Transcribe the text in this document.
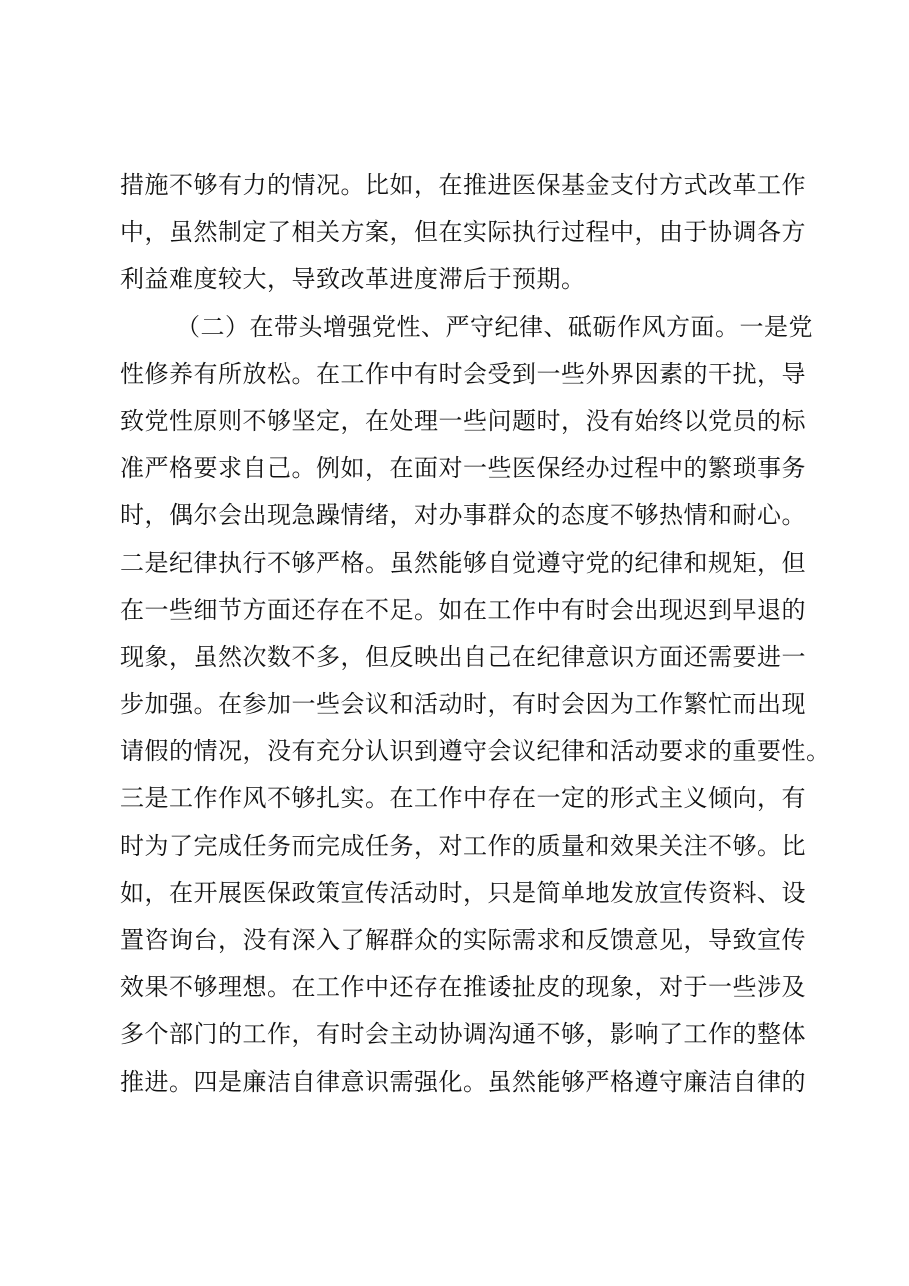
措施不够有力的情况。比如，在推进医保基金支付方式改革工作
中，虽然制定了相关方案，但在实际执行过程中，由于协调各方
利益难度较大，导致改革进度滞后于预期。
（二）在带头增强党性、严守纪律、砥砺作风方面。一是党
性修养有所放松。在工作中有时会受到一些外界因素的干扰，导
致党性原则不够坚定，在处理一些问题时，没有始终以党员的标
准严格要求自己。例如，在面对一些医保经办过程中的繁琐事务
时，偶尔会出现急躁情绪，对办事群众的态度不够热情和耐心。
二是纪律执行不够严格。虽然能够自觉遵守党的纪律和规矩，但
在一些细节方面还存在不足。如在工作中有时会出现迟到早退的
现象，虽然次数不多，但反映出自己在纪律意识方面还需要进一
步加强。在参加一些会议和活动时，有时会因为工作繁忙而出现
请假的情况，没有充分认识到遵守会议纪律和活动要求的重要性。
三是工作作风不够扎实。在工作中存在一定的形式主义倾向，有
时为了完成任务而完成任务，对工作的质量和效果关注不够。比
如，在开展医保政策宣传活动时，只是简单地发放宣传资料、设
置咨询台，没有深入了解群众的实际需求和反馈意见，导致宣传
效果不够理想。在工作中还存在推诿扯皮的现象，对于一些涉及
多个部门的工作，有时会主动协调沟通不够，影响了工作的整体
推进。四是廉洁自律意识需强化。虽然能够严格遵守廉洁自律的
